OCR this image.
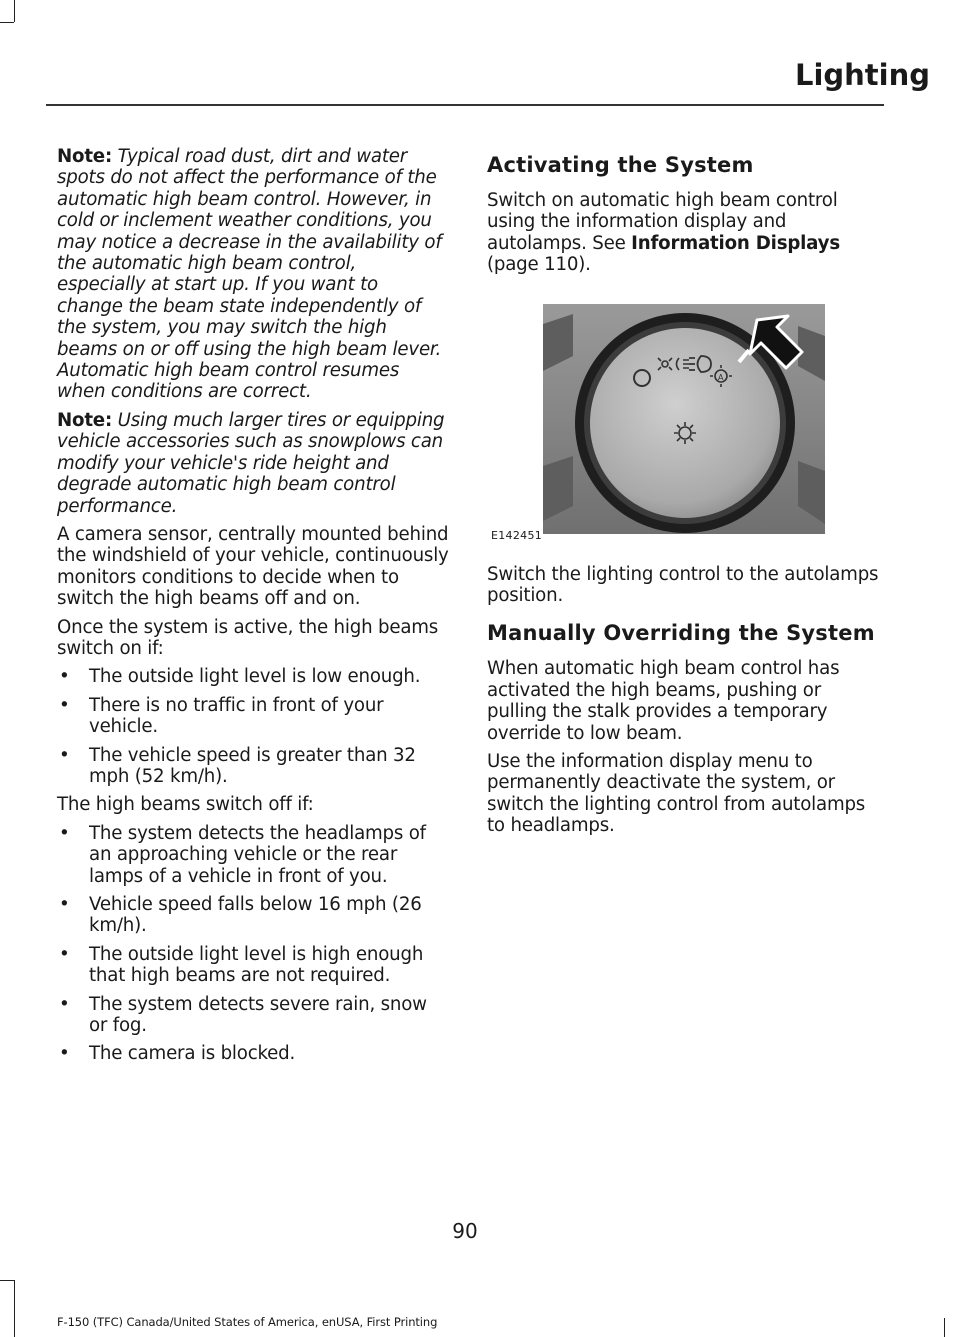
Lighting

Note: Typical road dust, dirt and water spots do not affect the performance of the automatic high beam control. However, in cold or inclement weather conditions, you may notice a decrease in the availability of the automatic high beam control, especially at start up. If you want to change the beam state independently of the system, you may switch the high beams on or off using the high beam lever. Automatic high beam control resumes when conditions are correct.

Note: Using much larger tires or equipping vehicle accessories such as snowplows can modify your vehicle's ride height and degrade automatic high beam control performance.

A camera sensor, centrally mounted behind the windshield of your vehicle, continuously monitors conditions to decide when to switch the high beams off and on.

Once the system is active, the high beams switch on if:

• The outside light level is low enough.
• There is no traffic in front of your vehicle.
• The vehicle speed is greater than 32 mph (52 km/h).

The high beams switch off if:

• The system detects the headlamps of an approaching vehicle or the rear lamps of a vehicle in front of you.
• Vehicle speed falls below 16 mph (26 km/h).
• The outside light level is high enough that high beams are not required.
• The system detects severe rain, snow or fog.
• The camera is blocked.
Activating the System

Switch on automatic high beam control using the information display and autolamps. See Information Displays (page 110).

A
E142451

Switch the lighting control to the autolamps position.

Manually Overriding the System

When automatic high beam control has activated the high beams, pushing or pulling the stalk provides a temporary override to low beam.

Use the information display menu to permanently deactivate the system, or switch the lighting control from autolamps to headlamps.

90
F-150 (TFC) Canada/United States of America, enUSA, First Printing
